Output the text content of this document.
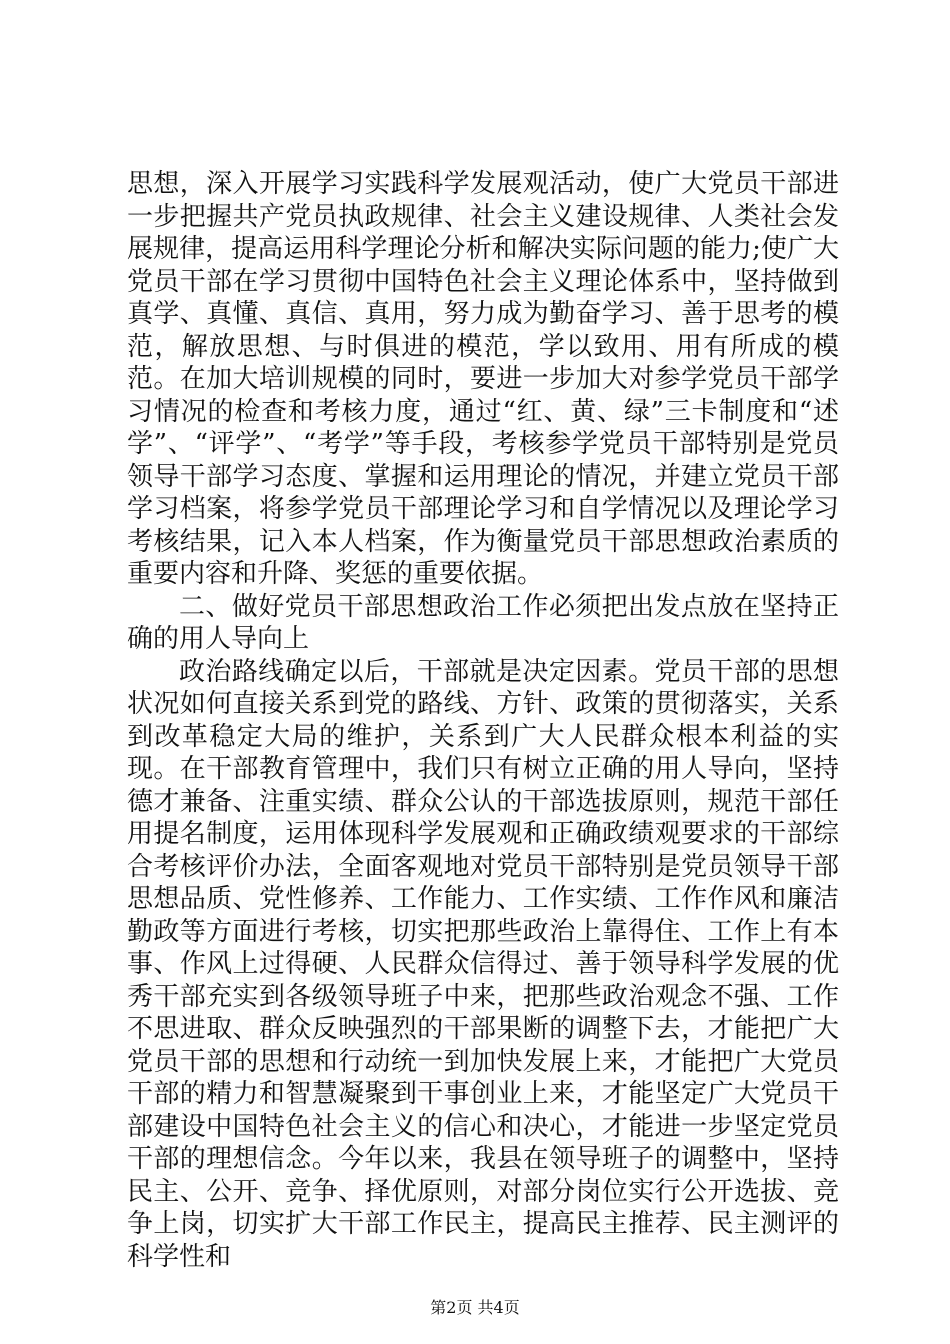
思想，深入开展学习实践科学发展观活动，使广大党员干部进一步把握共产党员执政规律、社会主义建设规律、人类社会发展规律，提高运用科学理论分析和解决实际问题的能力;使广大党员干部在学习贯彻中国特色社会主义理论体系中，坚持做到真学、真懂、真信、真用，努力成为勤奋学习、善于思考的模范，解放思想、与时俱进的模范，学以致用、用有所成的模范。在加大培训规模的同时，要进一步加大对参学党员干部学习情况的检查和考核力度，通过“红、黄、绿”三卡制度和“述学”、“评学”、“考学”等手段，考核参学党员干部特别是党员领导干部学习态度、掌握和运用理论的情况，并建立党员干部学习档案，将参学党员干部理论学习和自学情况以及理论学习考核结果，记入本人档案，作为衡量党员干部思想政治素质的重要内容和升降、奖惩的重要依据。

二、做好党员干部思想政治工作必须把出发点放在坚持正确的用人导向上

政治路线确定以后，干部就是决定因素。党员干部的思想状况如何直接关系到党的路线、方针、政策的贯彻落实，关系到改革稳定大局的维护，关系到广大人民群众根本利益的实现。在干部教育管理中，我们只有树立正确的用人导向，坚持德才兼备、注重实绩、群众公认的干部选拔原则，规范干部任用提名制度，运用体现科学发展观和正确政绩观要求的干部综合考核评价办法，全面客观地对党员干部特别是党员领导干部思想品质、党性修养、工作能力、工作实绩、工作作风和廉洁勤政等方面进行考核，切实把那些政治上靠得住、工作上有本事、作风上过得硬、人民群众信得过、善于领导科学发展的优秀干部充实到各级领导班子中来，把那些政治观念不强、工作不思进取、群众反映强烈的干部果断的调整下去，才能把广大党员干部的思想和行动统一到加快发展上来，才能把广大党员干部的精力和智慧凝聚到干事创业上来，才能坚定广大党员干部建设中国特色社会主义的信心和决心，才能进一步坚定党员干部的理想信念。今年以来，我县在领导班子的调整中，坚持民主、公开、竞争、择优原则，对部分岗位实行公开选拔、竞争上岗，切实扩大干部工作民主，提高民主推荐、民主测评的科学性和

第2页 共4页
